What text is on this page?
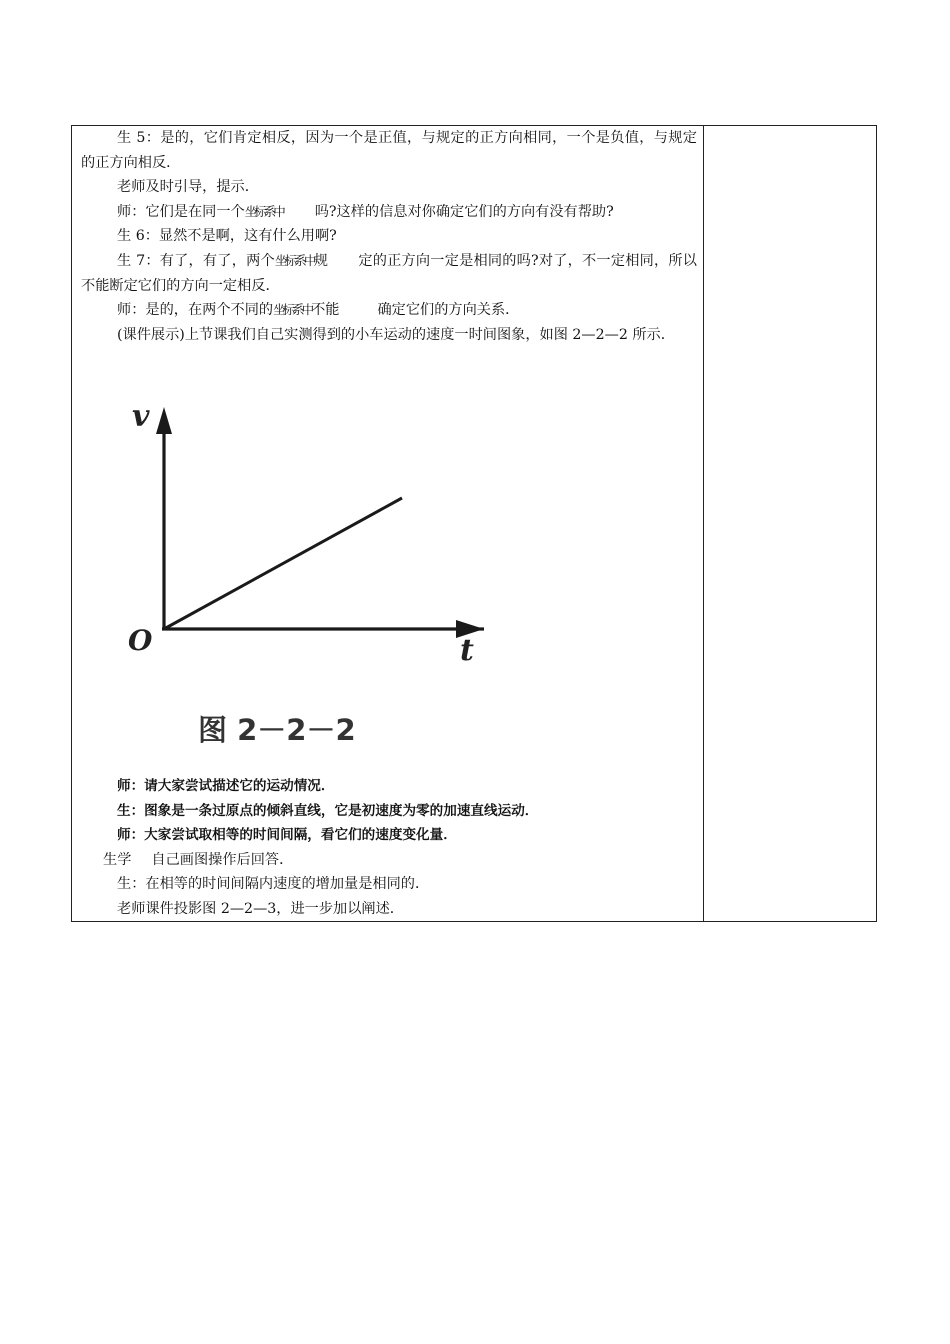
生 5：是的，它们肯定相反，因为一个是正值，与规定的正方向相同，一个是负值，与规定的正方向相反．

老师及时引导，提示．

师：它们是在同一个坐标系中 吗?这样的信息对你确定它们的方向有没有帮助?

生 6：显然不是啊，这有什么用啊?

生 7：有了，有了，两个坐标系中规 定的正方向一定是相同的吗?对了，不一定相同，所以不能断定它们的方向一定相反．

师：是的，在两个不同的坐标系中不能	确定它们的方向关系．

(课件展示)上节课我们自己实测得到的小车运动的速度一时间图象，如图 2—2—2 所示．

v
t
O
图 2－2－2

师：请大家尝试描述它的运动情况．

生：图象是一条过原点的倾斜直线，它是初速度为零的加速直线运动．

师：大家尝试取相等的时间间隔，看它们的速度变化量．

生学 自己画图操作后回答．

生：在相等的时间间隔内速度的增加量是相同的．

老师课件投影图 2—2—3，进一步加以阐述．
